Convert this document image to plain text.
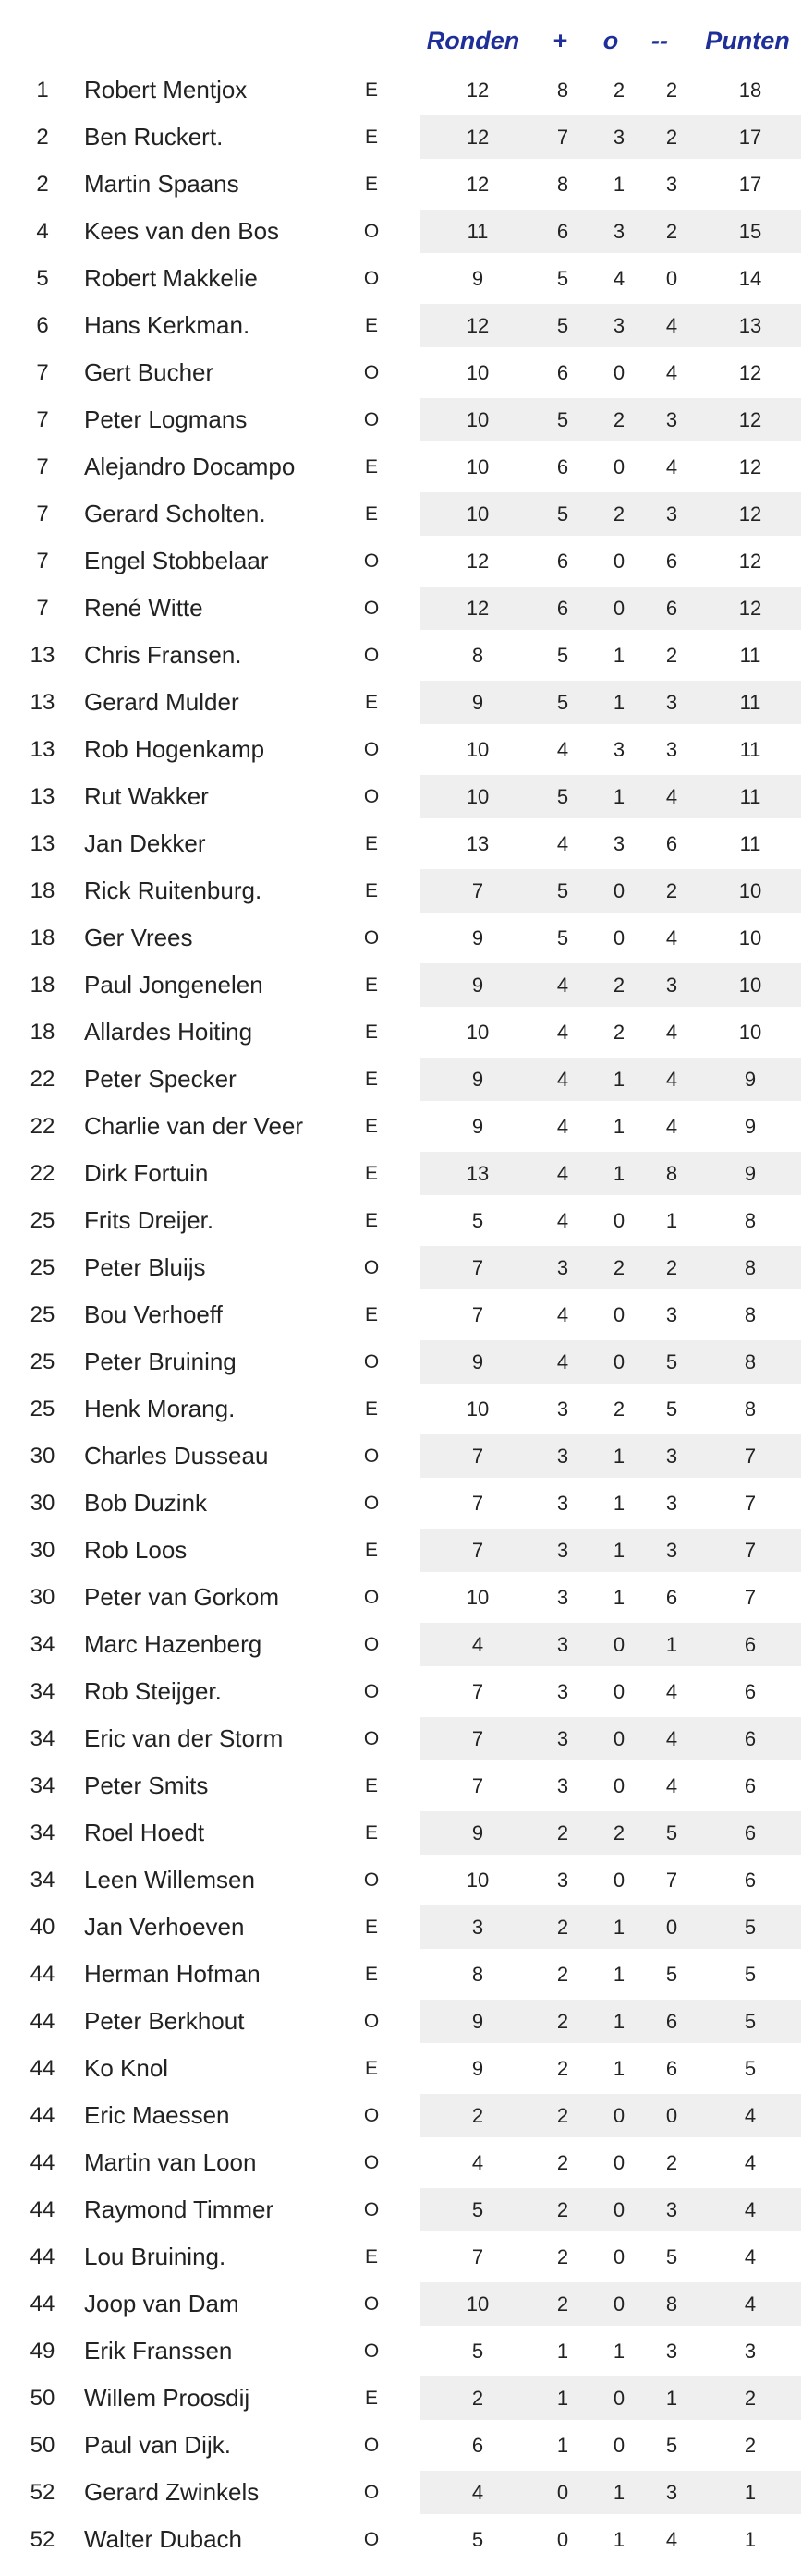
Ronden	+	o	--	Punten
1	Robert Mentjox	E	12	8	2	2	18
2	Ben Ruckert.	E	12	7	3	2	17
2	Martin Spaans	E	12	8	1	3	17
4	Kees van den Bos	O	11	6	3	2	15
5	Robert Makkelie	O	9	5	4	0	14
6	Hans Kerkman.	E	12	5	3	4	13
7	Gert Bucher	O	10	6	0	4	12
7	Peter Logmans	O	10	5	2	3	12
7	Alejandro Docampo	E	10	6	0	4	12
7	Gerard Scholten.	E	10	5	2	3	12
7	Engel Stobbelaar	O	12	6	0	6	12
7	René Witte	O	12	6	0	6	12
13	Chris Fransen.	O	8	5	1	2	11
13	Gerard Mulder	E	9	5	1	3	11
13	Rob Hogenkamp	O	10	4	3	3	11
13	Rut Wakker	O	10	5	1	4	11
13	Jan Dekker	E	13	4	3	6	11
18	Rick Ruitenburg.	E	7	5	0	2	10
18	Ger Vrees	O	9	5	0	4	10
18	Paul Jongenelen	E	9	4	2	3	10
18	Allardes Hoiting	E	10	4	2	4	10
22	Peter Specker	E	9	4	1	4	9
22	Charlie van der Veer	E	9	4	1	4	9
22	Dirk Fortuin	E	13	4	1	8	9
25	Frits Dreijer.	E	5	4	0	1	8
25	Peter Bluijs	O	7	3	2	2	8
25	Bou Verhoeff	E	7	4	0	3	8
25	Peter Bruining	O	9	4	0	5	8
25	Henk Morang.	E	10	3	2	5	8
30	Charles Dusseau	O	7	3	1	3	7
30	Bob Duzink	O	7	3	1	3	7
30	Rob Loos	E	7	3	1	3	7
30	Peter van Gorkom	O	10	3	1	6	7
34	Marc Hazenberg	O	4	3	0	1	6
34	Rob Steijger.	O	7	3	0	4	6
34	Eric van der Storm	O	7	3	0	4	6
34	Peter Smits	E	7	3	0	4	6
34	Roel Hoedt	E	9	2	2	5	6
34	Leen Willemsen	O	10	3	0	7	6
40	Jan Verhoeven	E	3	2	1	0	5
44	Herman Hofman	E	8	2	1	5	5
44	Peter Berkhout	O	9	2	1	6	5
44	Ko Knol	E	9	2	1	6	5
44	Eric Maessen	O	2	2	0	0	4
44	Martin van Loon	O	4	2	0	2	4
44	Raymond Timmer	O	5	2	0	3	4
44	Lou Bruining.	E	7	2	0	5	4
44	Joop van Dam	O	10	2	0	8	4
49	Erik Franssen	O	5	1	1	3	3
50	Willem Proosdij	E	2	1	0	1	2
50	Paul van Dijk.	O	6	1	0	5	2
52	Gerard Zwinkels	O	4	0	1	3	1
52	Walter Dubach	O	5	0	1	4	1
